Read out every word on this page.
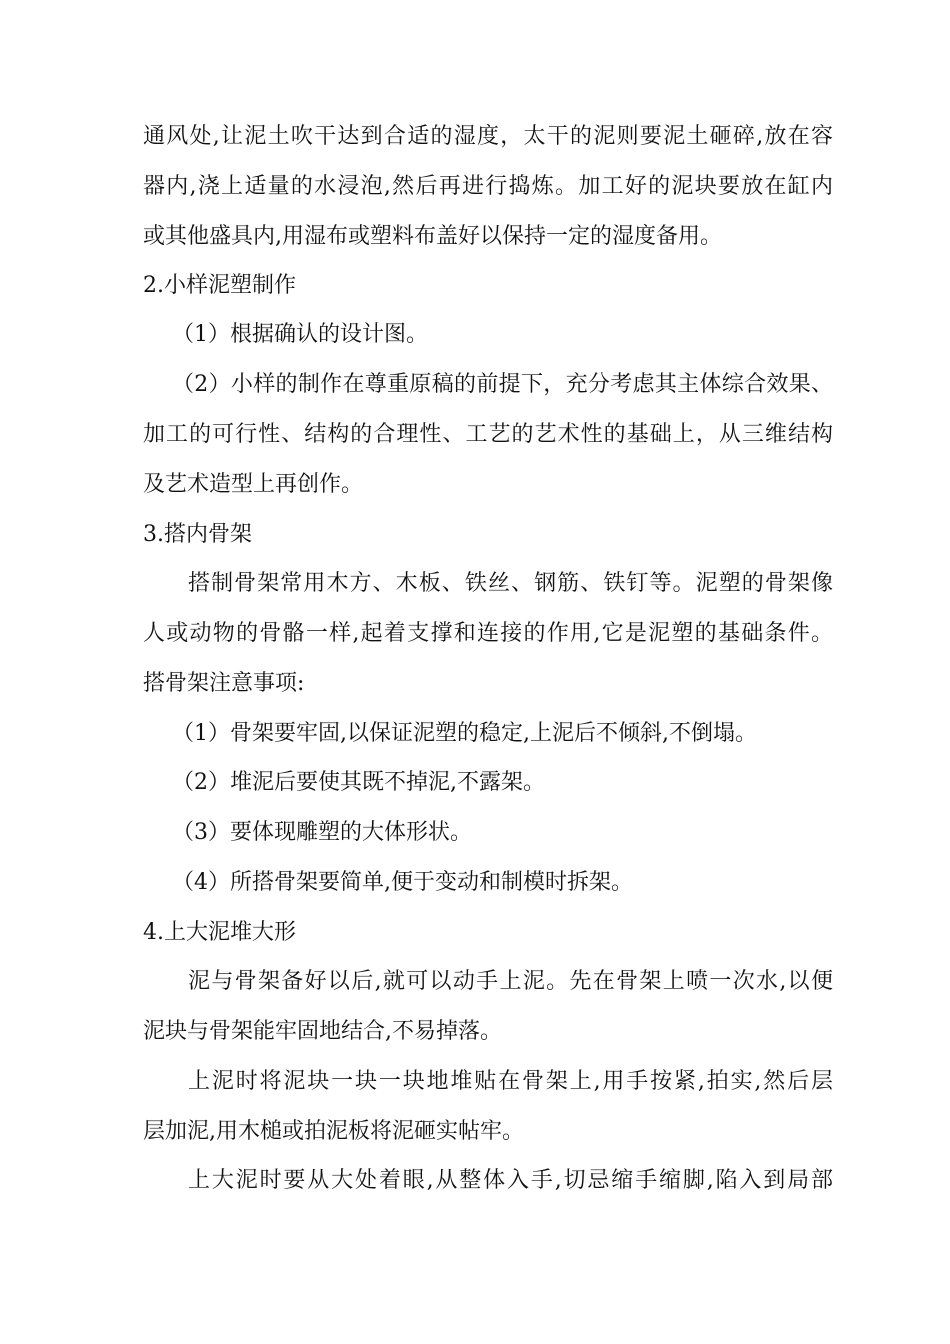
通风处,让泥土吹干达到合适的湿度，太干的泥则要泥土砸碎,放在容
器内,浇上适量的水浸泡,然后再进行捣炼。加工好的泥块要放在缸内
或其他盛具内,用湿布或塑料布盖好以保持一定的湿度备用。
2.小样泥塑制作
（1）根据确认的设计图。
（2）小样的制作在尊重原稿的前提下，充分考虑其主体综合效果、
加工的可行性、结构的合理性、工艺的艺术性的基础上，从三维结构
及艺术造型上再创作。
3.搭内骨架
搭制骨架常用木方、木板、铁丝、钢筋、铁钉等。泥塑的骨架像
人或动物的骨骼一样,起着支撑和连接的作用,它是泥塑的基础条件。
搭骨架注意事项:
（1）骨架要牢固,以保证泥塑的稳定,上泥后不倾斜,不倒塌。
（2）堆泥后要使其既不掉泥,不露架。
（3）要体现雕塑的大体形状。
（4）所搭骨架要简单,便于变动和制模时拆架。
4.上大泥堆大形
泥与骨架备好以后,就可以动手上泥。先在骨架上喷一次水,以便
泥块与骨架能牢固地结合,不易掉落。
上泥时将泥块一块一块地堆贴在骨架上,用手按紧,拍实,然后层
层加泥,用木槌或拍泥板将泥砸实帖牢。
上大泥时要从大处着眼,从整体入手,切忌缩手缩脚,陷入到局部
